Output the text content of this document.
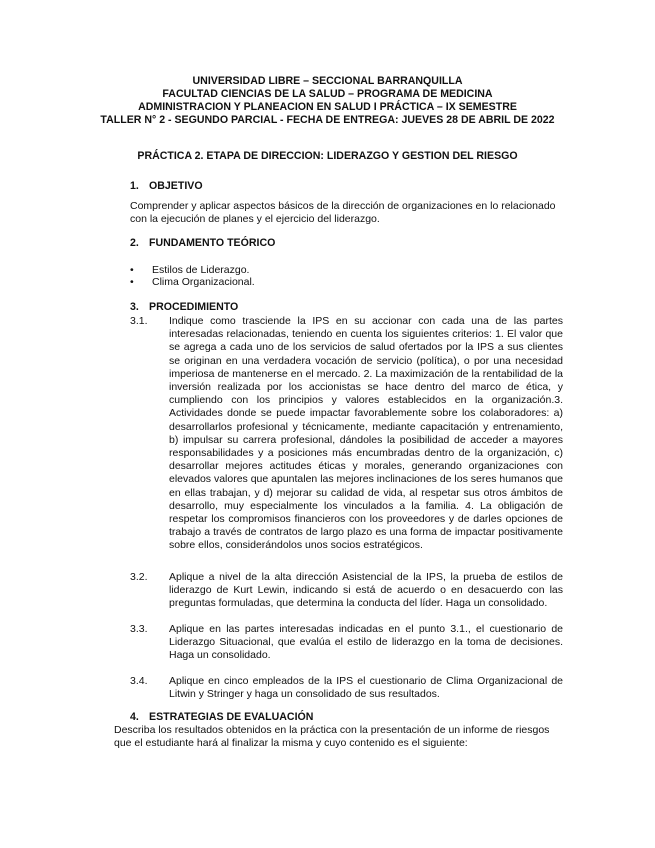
UNIVERSIDAD LIBRE – SECCIONAL BARRANQUILLA
FACULTAD CIENCIAS DE LA SALUD – PROGRAMA DE MEDICINA
ADMINISTRACION Y PLANEACION EN SALUD I PRÁCTICA – IX SEMESTRE
TALLER N° 2 - SEGUNDO PARCIAL - FECHA DE ENTREGA: JUEVES 28 DE ABRIL DE 2022
PRÁCTICA 2. ETAPA DE DIRECCION: LIDERAZGO Y GESTION DEL RIESGO
1. OBJETIVO
Comprender y aplicar aspectos básicos de la dirección de organizaciones en lo relacionado con la ejecución de planes y el ejercicio del liderazgo.
2. FUNDAMENTO TEÓRICO
• Estilos de Liderazgo.
• Clima Organizacional.
3. PROCEDIMIENTO
3.1. Indique como trasciende la IPS en su accionar con cada una de las partes interesadas relacionadas, teniendo en cuenta los siguientes criterios: 1. El valor que se agrega a cada uno de los servicios de salud ofertados por la IPS a sus clientes se originan en una verdadera vocación de servicio (política), o por una necesidad imperiosa de mantenerse en el mercado. 2. La maximización de la rentabilidad de la inversión realizada por los accionistas se hace dentro del marco de ética, y cumpliendo con los principios y valores establecidos en la organización.3. Actividades donde se puede impactar favorablemente sobre los colaboradores: a) desarrollarlos profesional y técnicamente, mediante capacitación y entrenamiento, b) impulsar su carrera profesional, dándoles la posibilidad de acceder a mayores responsabilidades y a posiciones más encumbradas dentro de la organización, c) desarrollar mejores actitudes éticas y morales, generando organizaciones con elevados valores que apuntalen las mejores inclinaciones de los seres humanos que en ellas trabajan, y d) mejorar su calidad de vida, al respetar sus otros ámbitos de desarrollo, muy especialmente los vinculados a la familia. 4. La obligación de respetar los compromisos financieros con los proveedores y de darles opciones de trabajo a través de contratos de largo plazo es una forma de impactar positivamente sobre ellos, considerándolos unos socios estratégicos.
3.2. Aplique a nivel de la alta dirección Asistencial de la IPS, la prueba de estilos de liderazgo de Kurt Lewin, indicando si está de acuerdo o en desacuerdo con las preguntas formuladas, que determina la conducta del líder. Haga un consolidado.
3.3. Aplique en las partes interesadas indicadas en el punto 3.1., el cuestionario de Liderazgo Situacional, que evalúa el estilo de liderazgo en la toma de decisiones. Haga un consolidado.
3.4. Aplique en cinco empleados de la IPS el cuestionario de Clima Organizacional de Litwin y Stringer y haga un consolidado de sus resultados.
4. ESTRATEGIAS DE EVALUACIÓN
Describa los resultados obtenidos en la práctica con la presentación de un informe de riesgos que el estudiante hará al finalizar la misma y cuyo contenido es el siguiente:
